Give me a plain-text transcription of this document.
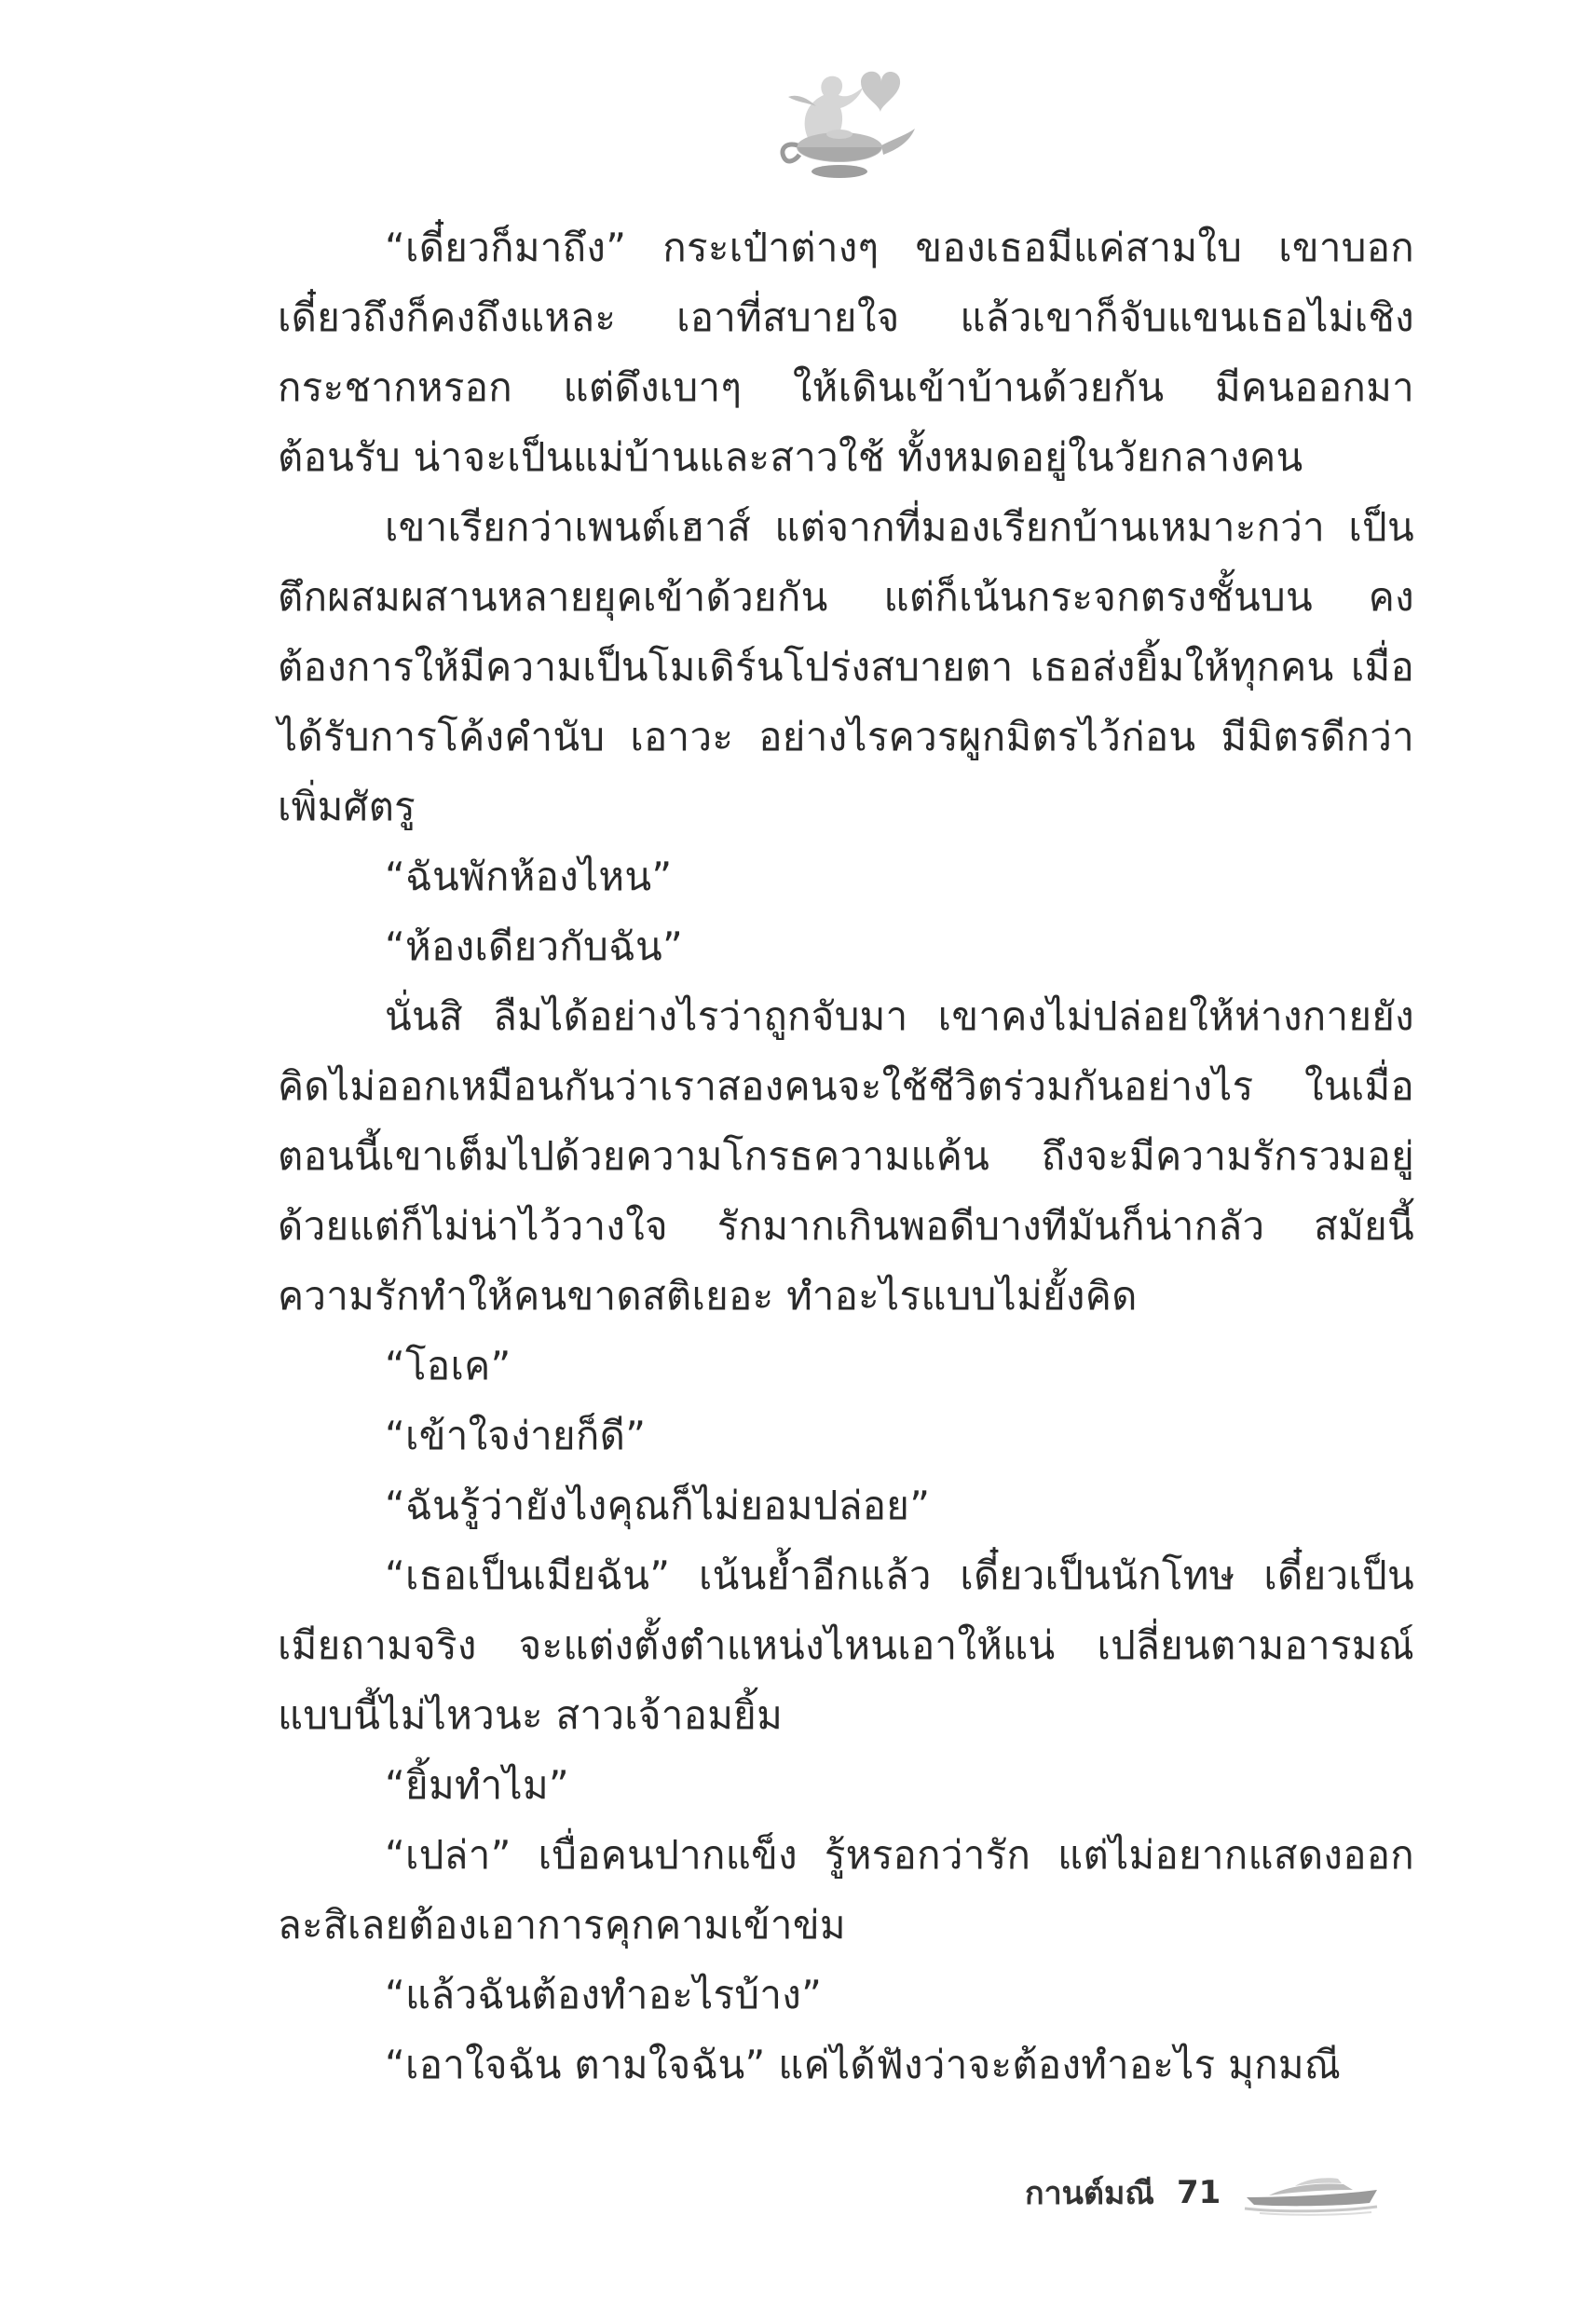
“เดี๋ยวก็มาถึง” กระเป๋าต่างๆ ของเธอมีแค่สามใบ เขาบอกเดี๋ยวถึงก็คงถึงแหละ เอาที่สบายใจ แล้วเขาก็จับแขนเธอไม่เชิงกระชากหรอก แต่ดึงเบาๆ ให้เดินเข้าบ้านด้วยกัน มีคนออกมาต้อนรับ น่าจะเป็นแม่บ้านและสาวใช้ ทั้งหมดอยู่ในวัยกลางคน

เขาเรียกว่าเพนต์เฮาส์ แต่จากที่มองเรียกบ้านเหมาะกว่า เป็นตึกผสมผสานหลายยุคเข้าด้วยกัน แต่ก็เน้นกระจกตรงชั้นบน คงต้องการให้มีความเป็นโมเดิร์นโปร่งสบายตา เธอส่งยิ้มให้ทุกคน เมื่อได้รับการโค้งคำนับ เอาวะ อย่างไรควรผูกมิตรไว้ก่อน มีมิตรดีกว่าเพิ่มศัตรู

“ฉันพักห้องไหน”

“ห้องเดียวกับฉัน”

นั่นสิ ลืมได้อย่างไรว่าถูกจับมา เขาคงไม่ปล่อยให้ห่างกายยังคิดไม่ออกเหมือนกันว่าเราสองคนจะใช้ชีวิตร่วมกันอย่างไร ในเมื่อตอนนี้เขาเต็มไปด้วยความโกรธความแค้น ถึงจะมีความรักรวมอยู่ด้วยแต่ก็ไม่น่าไว้วางใจ รักมากเกินพอดีบางทีมันก็น่ากลัว สมัยนี้ความรักทำให้คนขาดสติเยอะ ทำอะไรแบบไม่ยั้งคิด

“โอเค”

“เข้าใจง่ายก็ดี”

“ฉันรู้ว่ายังไงคุณก็ไม่ยอมปล่อย”

“เธอเป็นเมียฉัน” เน้นย้ำอีกแล้ว เดี๋ยวเป็นนักโทษ เดี๋ยวเป็นเมียถามจริง จะแต่งตั้งตำแหน่งไหนเอาให้แน่ เปลี่ยนตามอารมณ์แบบนี้ไม่ไหวนะ สาวเจ้าอมยิ้ม

“ยิ้มทำไม”

“เปล่า” เบื่อคนปากแข็ง รู้หรอกว่ารัก แต่ไม่อยากแสดงออกละสิเลยต้องเอาการคุกคามเข้าข่ม

“แล้วฉันต้องทำอะไรบ้าง”

“เอาใจฉัน ตามใจฉัน” แค่ได้ฟังว่าจะต้องทำอะไร มุกมณี

กานต์มณี 71
